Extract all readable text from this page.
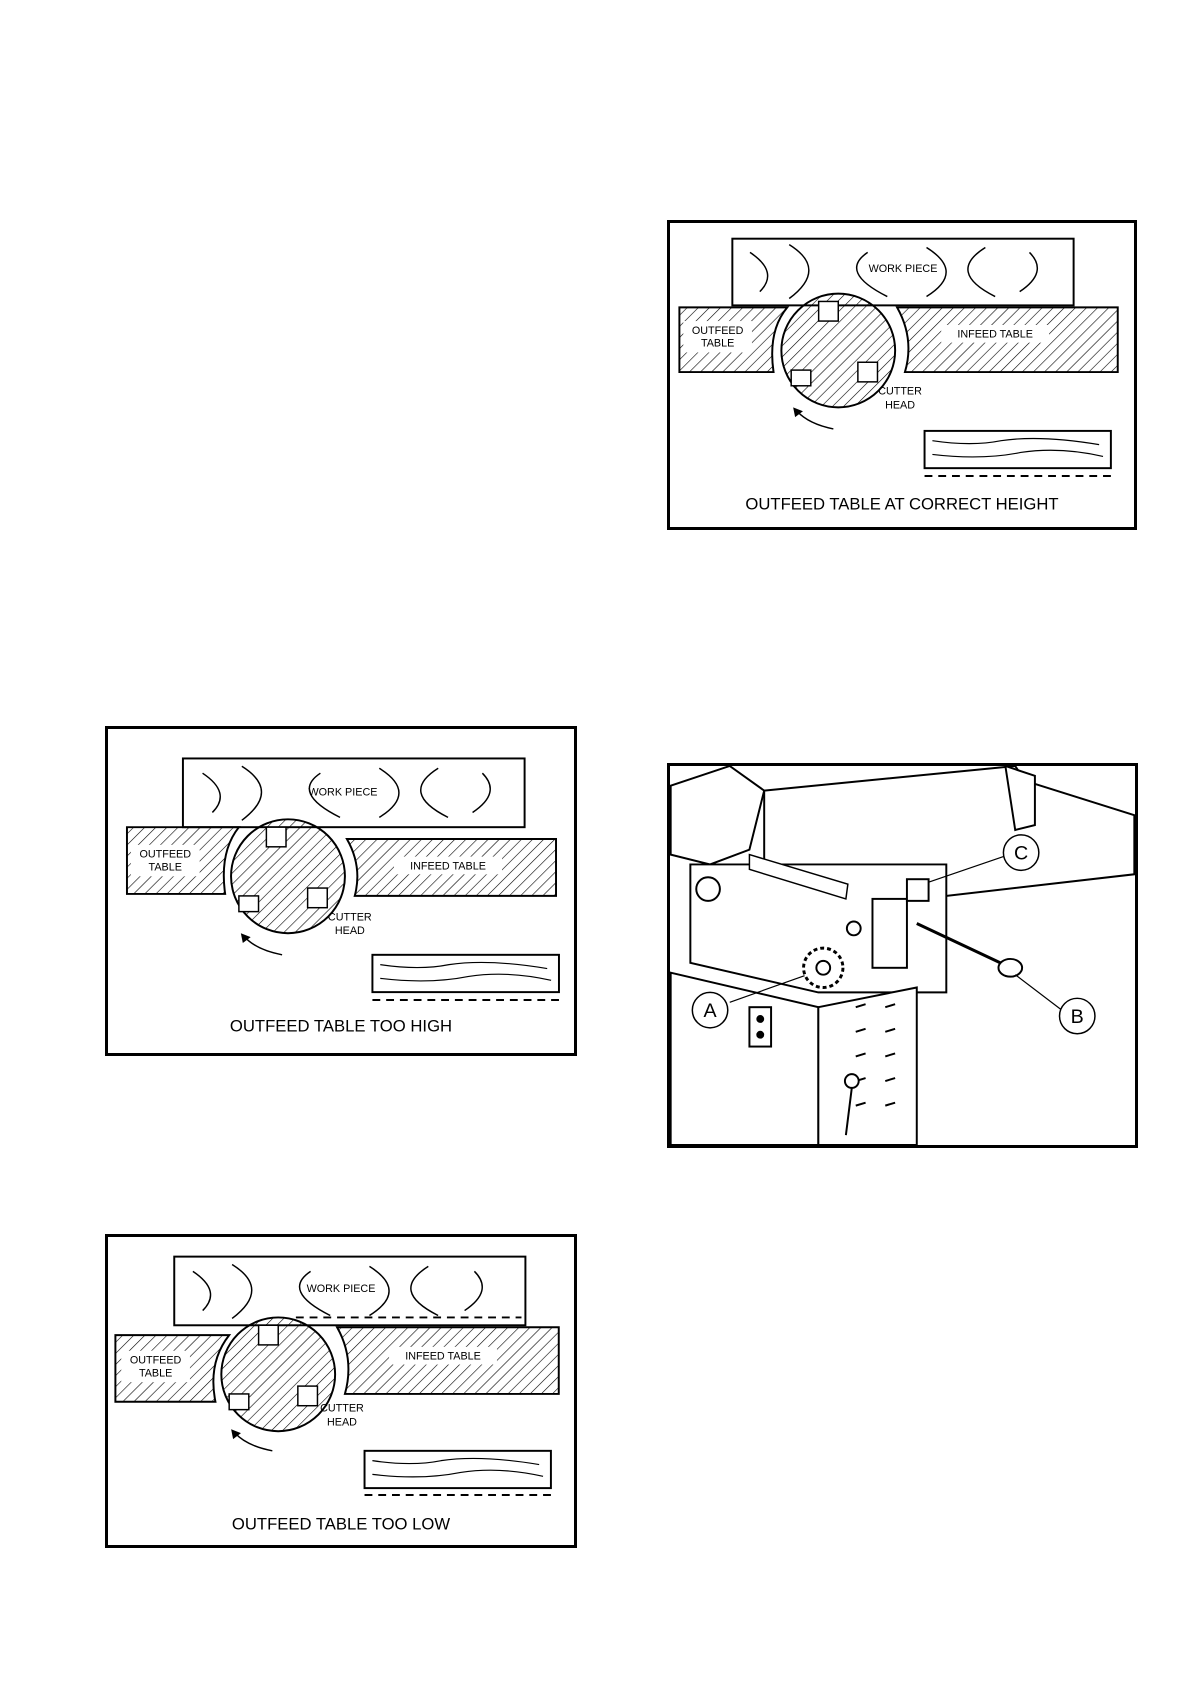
WORK PIECE
OUTFEED
TABLE
INFEED TABLE
CUTTER
HEAD
OUTFEED TABLE AT CORRECT HEIGHT
WORK PIECE
OUTFEED
TABLE	INFEED TABLE
CUTTER
HEAD
OUTFEED TABLE TOO HIGH
WORK PIECE
OUTFEED
TABLE
INFEED TABLE
CUTTER
HEAD
OUTFEED TABLE TOO LOW
A	B
C
